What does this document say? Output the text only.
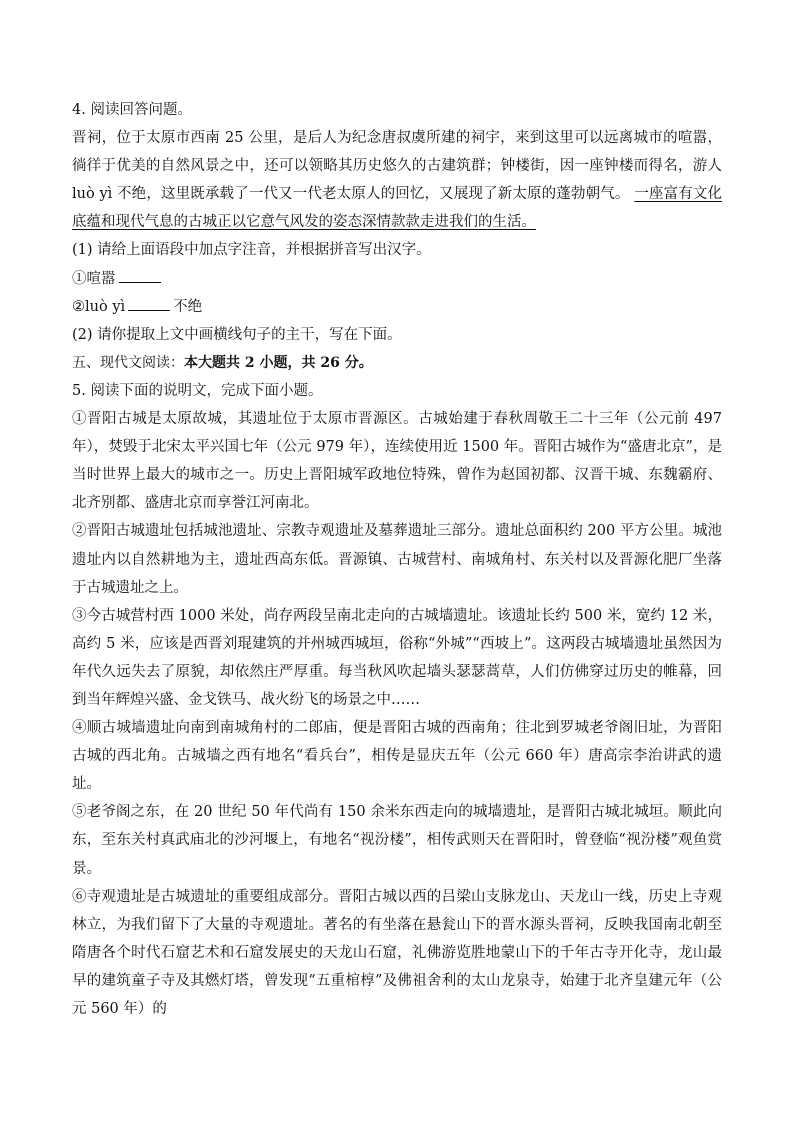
4. 阅读回答问题。
晋祠，位于太原市西南 25 公里，是后人为纪念唐叔虞所建的祠宇，来到这里可以远离城市的喧嚣，徜徉于优美的自然风景之中，还可以领略其历史悠久的古建筑群；钟楼街，因一座钟楼而得名，游人 luò yì 不绝，这里既承载了一代又一代老太原人的回忆，又展现了新太原的蓬勃朝气。 一座富有文化底蕴和现代气息的古城正以它意气风发的姿态深情款款走进我们的生活。
(1) 请给上面语段中加点字注音，并根据拼音写出汉字。
①喧嚣
②luò yì	不绝
(2) 请你提取上文中画横线句子的主干，写在下面。
五、现代文阅读：本大题共 2 小题，共 26 分。
5. 阅读下面的说明文，完成下面小题。
①晋阳古城是太原故城，其遗址位于太原市晋源区。古城始建于春秋周敬王二十三年（公元前 497 年），焚毁于北宋太平兴国七年（公元 979 年），连续使用近 1500 年。晋阳古城作为“盛唐北京”，是当时世界上最大的城市之一。历史上晋阳城军政地位特殊，曾作为赵国初都、汉晋干城、东魏霸府、北齐别都、盛唐北京而享誉江河南北。
②晋阳古城遗址包括城池遗址、宗教寺观遗址及墓葬遗址三部分。遗址总面积约 200 平方公里。城池遗址内以自然耕地为主，遗址西高东低。晋源镇、古城营村、南城角村、东关村以及晋源化肥厂坐落于古城遗址之上。
③今古城营村西 1000 米处，尚存两段呈南北走向的古城墙遗址。该遗址长约 500 米，宽约 12 米，高约 5 米，应该是西晋刘琨建筑的并州城西城垣，俗称“外城”“西坡上”。这两段古城墙遗址虽然因为年代久远失去了原貌，却依然庄严厚重。每当秋风吹起墙头瑟瑟蒿草，人们仿佛穿过历史的帷幕，回到当年辉煌兴盛、金戈铁马、战火纷飞的场景之中……
④顺古城墙遗址向南到南城角村的二郎庙，便是晋阳古城的西南角；往北到罗城老爷阁旧址，为晋阳古城的西北角。古城墙之西有地名“看兵台”，相传是显庆五年（公元 660 年）唐高宗李治讲武的遗址。
⑤老爷阁之东，在 20 世纪 50 年代尚有 150 余米东西走向的城墙遗址，是晋阳古城北城垣。顺此向东，至东关村真武庙北的沙河堰上，有地名“视汾楼”，相传武则天在晋阳时，曾登临“视汾楼”观鱼赏景。
⑥寺观遗址是古城遗址的重要组成部分。晋阳古城以西的吕梁山支脉龙山、天龙山一线，历史上寺观林立，为我们留下了大量的寺观遗址。著名的有坐落在悬瓮山下的晋水源头晋祠，反映我国南北朝至隋唐各个时代石窟艺术和石窟发展史的天龙山石窟，礼佛游览胜地蒙山下的千年古寺开化寺，龙山最早的建筑童子寺及其燃灯塔，曾发现“五重棺椁”及佛祖舍利的太山龙泉寺，始建于北齐皇建元年（公元 560 年）的
